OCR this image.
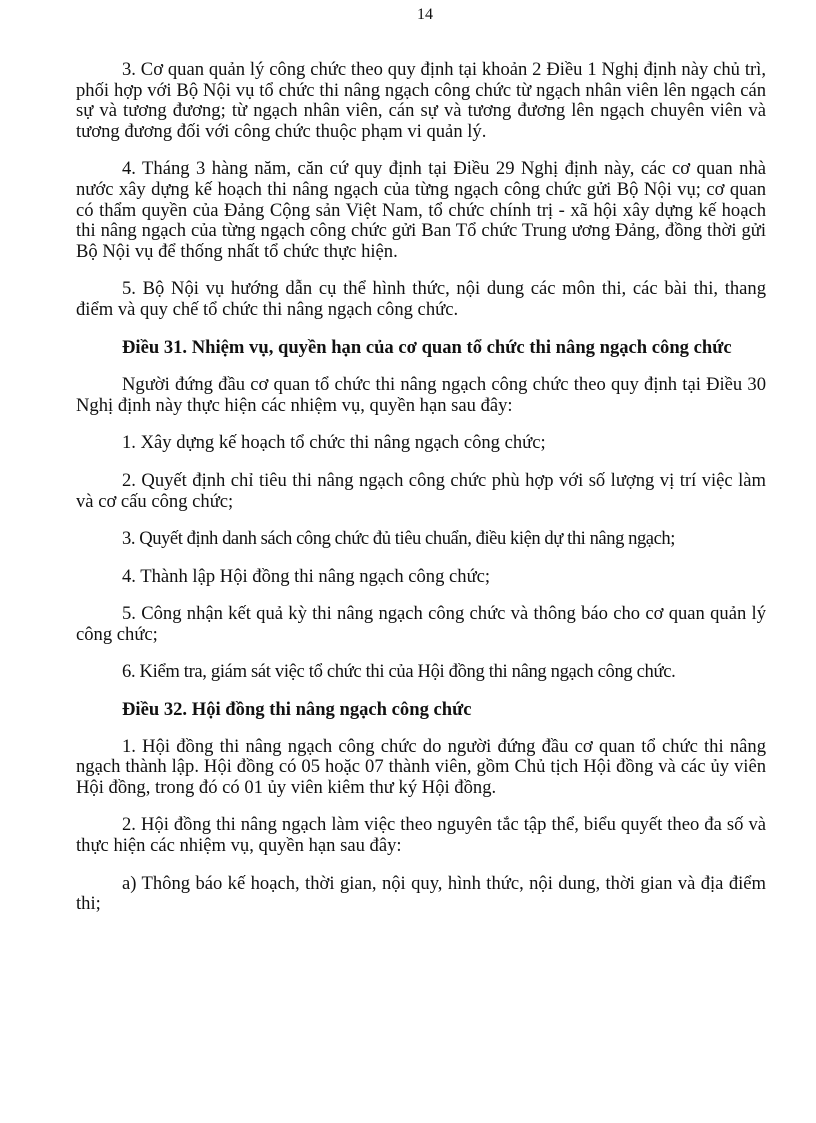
14

3. Cơ quan quản lý công chức theo quy định tại khoản 2 Điều 1 Nghị định này chủ trì, phối hợp với Bộ Nội vụ tổ chức thi nâng ngạch công chức từ ngạch nhân viên lên ngạch cán sự và tương đương; từ ngạch nhân viên, cán sự và tương đương lên ngạch chuyên viên và tương đương đối với công chức thuộc phạm vi quản lý.

4. Tháng 3 hàng năm, căn cứ quy định tại Điều 29 Nghị định này, các cơ quan nhà nước xây dựng kế hoạch thi nâng ngạch của từng ngạch công chức gửi Bộ Nội vụ; cơ quan có thẩm quyền của Đảng Cộng sản Việt Nam, tổ chức chính trị - xã hội xây dựng kế hoạch thi nâng ngạch của từng ngạch công chức gửi Ban Tổ chức Trung ương Đảng, đồng thời gửi Bộ Nội vụ để thống nhất tổ chức thực hiện.

5. Bộ Nội vụ hướng dẫn cụ thể hình thức, nội dung các môn thi, các bài thi, thang điểm và quy chế tổ chức thi nâng ngạch công chức.

Điều 31. Nhiệm vụ, quyền hạn của cơ quan tổ chức thi nâng ngạch công chức

Người đứng đầu cơ quan tổ chức thi nâng ngạch công chức theo quy định tại Điều 30 Nghị định này thực hiện các nhiệm vụ, quyền hạn sau đây:

1. Xây dựng kế hoạch tổ chức thi nâng ngạch công chức;

2. Quyết định chỉ tiêu thi nâng ngạch công chức phù hợp với số lượng vị trí việc làm và cơ cấu công chức;

3. Quyết định danh sách công chức đủ tiêu chuẩn, điều kiện dự thi nâng ngạch;

4. Thành lập Hội đồng thi nâng ngạch công chức;

5. Công nhận kết quả kỳ thi nâng ngạch công chức và thông báo cho cơ quan quản lý công chức;

6. Kiểm tra, giám sát việc tổ chức thi của Hội đồng thi nâng ngạch công chức.

Điều 32. Hội đồng thi nâng ngạch công chức

1. Hội đồng thi nâng ngạch công chức do người đứng đầu cơ quan tổ chức thi nâng ngạch thành lập. Hội đồng có 05 hoặc 07 thành viên, gồm Chủ tịch Hội đồng và các ủy viên Hội đồng, trong đó có 01 ủy viên kiêm thư ký Hội đồng.

2. Hội đồng thi nâng ngạch làm việc theo nguyên tắc tập thể, biểu quyết theo đa số và thực hiện các nhiệm vụ, quyền hạn sau đây:

a) Thông báo kế hoạch, thời gian, nội quy, hình thức, nội dung, thời gian và địa điểm thi;
